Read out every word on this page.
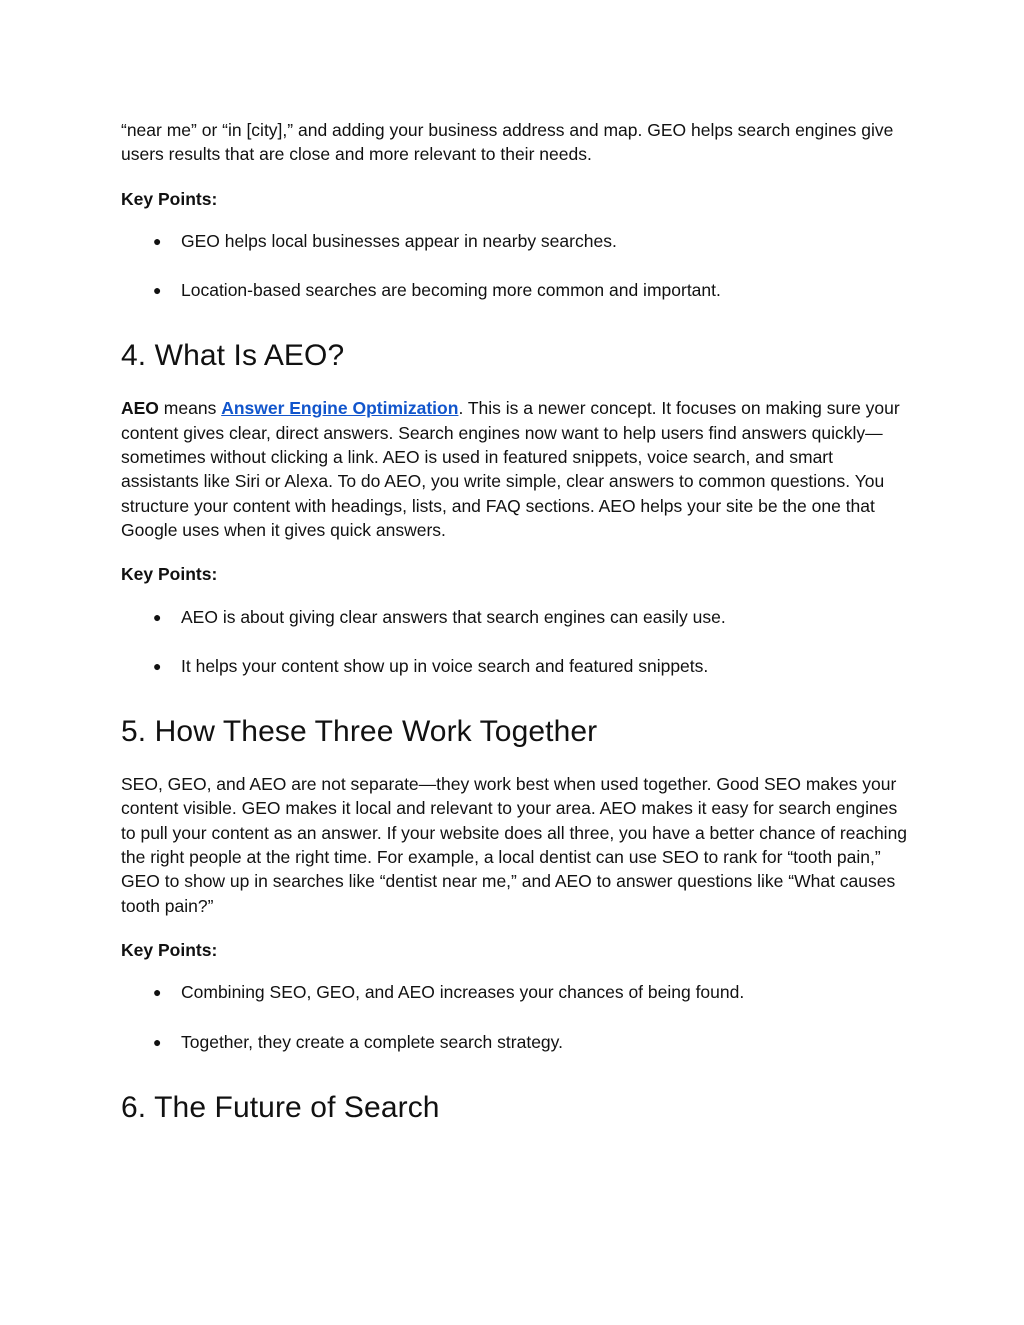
“near me” or “in [city],” and adding your business address and map. GEO helps search engines give users results that are close and more relevant to their needs.

Key Points:

● GEO helps local businesses appear in nearby searches.
● Location-based searches are becoming more common and important.
4. What Is AEO?

AEO means Answer Engine Optimization. This is a newer concept. It focuses on making sure your content gives clear, direct answers. Search engines now want to help users find answers quickly—sometimes without clicking a link. AEO is used in featured snippets, voice search, and smart assistants like Siri or Alexa. To do AEO, you write simple, clear answers to common questions. You structure your content with headings, lists, and FAQ sections. AEO helps your site be the one that Google uses when it gives quick answers.

Key Points:

● AEO is about giving clear answers that search engines can easily use.
● It helps your content show up in voice search and featured snippets.
5. How These Three Work Together

SEO, GEO, and AEO are not separate—they work best when used together. Good SEO makes your content visible. GEO makes it local and relevant to your area. AEO makes it easy for search engines to pull your content as an answer. If your website does all three, you have a better chance of reaching the right people at the right time. For example, a local dentist can use SEO to rank for “tooth pain,” GEO to show up in searches like “dentist near me,” and AEO to answer questions like “What causes tooth pain?”

Key Points:

● Combining SEO, GEO, and AEO increases your chances of being found.
● Together, they create a complete search strategy.
6. The Future of Search
